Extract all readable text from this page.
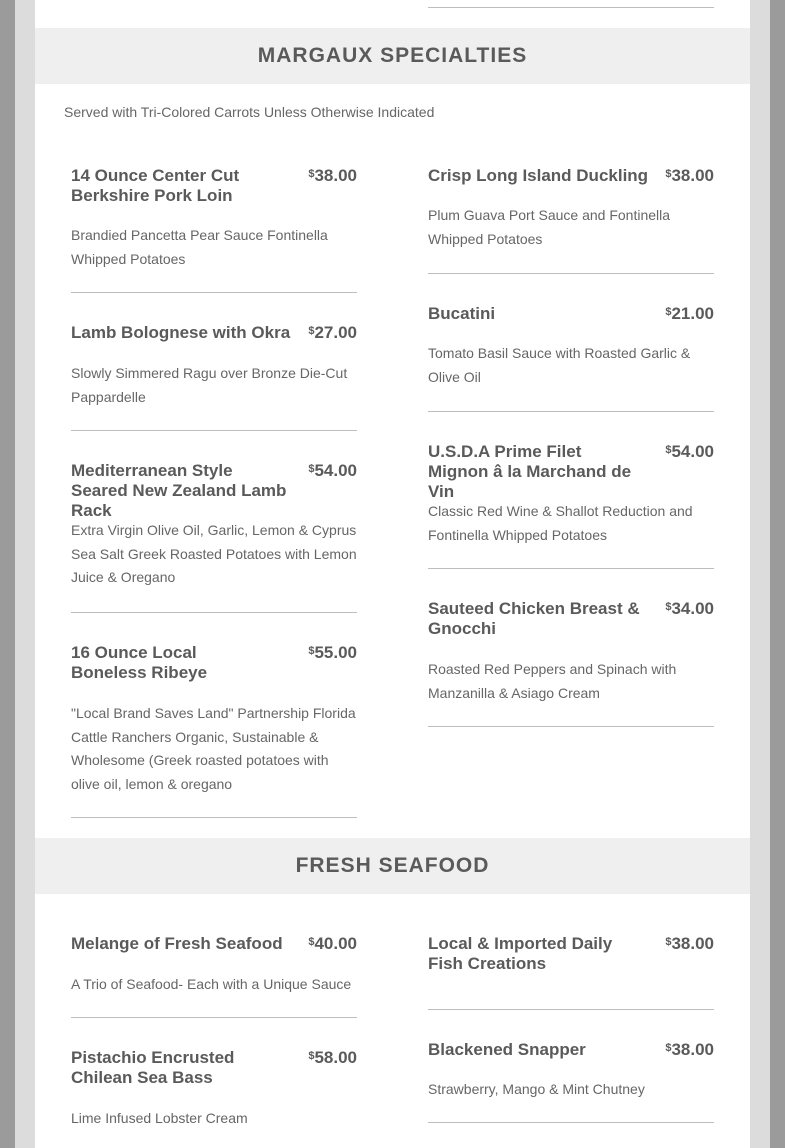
MARGAUX SPECIALTIES
Served with Tri-Colored Carrots Unless Otherwise Indicated
14 Ounce Center Cut Berkshire Pork Loin
$38.00
Brandied Pancetta Pear Sauce Fontinella Whipped Potatoes
Lamb Bolognese with Okra	$27.00
Slowly Simmered Ragu over Bronze Die-Cut Pappardelle
Mediterranean Style Seared New Zealand Lamb Rack
$54.00
Extra Virgin Olive Oil, Garlic, Lemon & Cyprus Sea Salt Greek Roasted Potatoes with Lemon Juice & Oregano
16 Ounce Local Boneless Ribeye
$55.00
"Local Brand Saves Land" Partnership Florida Cattle Ranchers Organic, Sustainable & Wholesome (Greek roasted potatoes with olive oil, lemon & oregano
Crisp Long Island Duckling	$38.00
Plum Guava Port Sauce and Fontinella Whipped Potatoes
Bucatini	$21.00
Tomato Basil Sauce with Roasted Garlic & Olive Oil
U.S.D.A Prime Filet Mignon â la Marchand de Vin
$54.00
Classic Red Wine & Shallot Reduction and Fontinella Whipped Potatoes
Sauteed Chicken Breast & Gnocchi
$34.00
Roasted Red Peppers and Spinach with Manzanilla & Asiago Cream
FRESH SEAFOOD
Melange of Fresh Seafood	$40.00
A Trio of Seafood- Each with a Unique Sauce
Pistachio Encrusted Chilean Sea Bass
$58.00
Lime Infused Lobster Cream
Local & Imported Daily Fish Creations
$38.00
Blackened Snapper	$38.00
Strawberry, Mango & Mint Chutney
